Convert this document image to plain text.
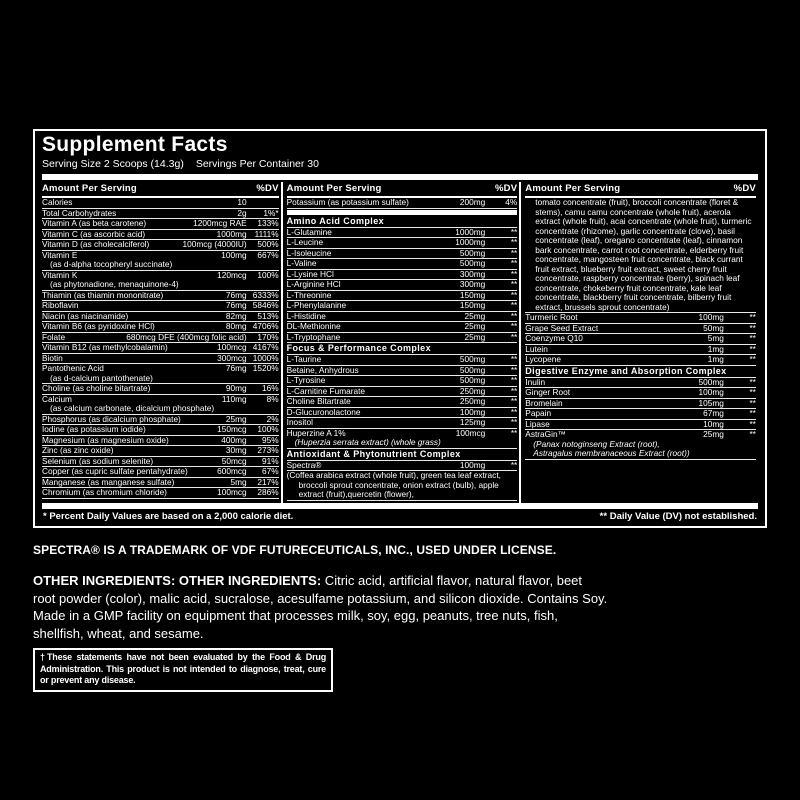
Supplement Facts
Serving Size 2 Scoops (14.3g) Servings Per Container 30
Amount Per Serving	%DV
Calories	10
Total Carbohydrates	2g	1%*
Vitamin A (as beta carotene)	1200mcg RAE	133%
Vitamin C (as ascorbic acid)	1000mg 1111%
Vitamin D (as cholecalciferol)	100mcg (4000IU)	500%
Vitamin E	100mg	667%
(as d-alpha tocopheryl succinate)
Vitamin K	120mcg	100%
(as phytonadione, menaquinone-4)
Thiamin (as thiamin mononitrate)	76mg 6333%
Riboflavin	76mg 5846%
Niacin (as niacinamide)	82mg	513%
Vitamin B6 (as pyridoxine HCl)	80mg 4706%
Folate	680mcg DFE (400mcg folic acid)	170%
Vitamin B12 (as methylcobalamin)	100mcg 4167%
Biotin	300mcg 1000%
Pantothenic Acid	76mg 1520%
(as d-calcium pantothenate)
Choline (as choline bitartrate)	90mg	16%
Calcium	110mg	8%
(as calcium carbonate, dicalcium phosphate)
Phosphorus (as dicalcium phosphate)	25mg	2%
Iodine (as potassium iodide)	150mcg	100%
Magnesium (as magnesium oxide)	400mg	95%
Zinc (as zinc oxide)	30mg	273%
Selenium (as sodium selenite)	50mcg	91%
Copper (as cupric sulfate pentahydrate)	600mcg	67%
Manganese (as manganese sulfate)	5mg	217%
Chromium (as chromium chloride)	100mcg	286%
Amount Per Serving	%DV
Potassium (as potassium sulfate)	200mg	4%
Amino Acid Complex
L-Glutamine	1000mg	**
L-Leucine	1000mg	**
L-Isoleucine	500mg	**
L-Valine	500mg	**
L-Lysine HCl	300mg	**
L-Arginine HCl	300mg	**
L-Threonine	150mg	**
L-Phenylalanine	150mg	**
L-Histidine	25mg	**
DL-Methionine	25mg	**
L-Tryptophane	25mg	**
Focus & Performance Complex
L-Taurine	500mg	**
Betaine, Anhydrous	500mg	**
L-Tyrosine	500mg	**
L-Carnitine Fumarate	250mg	**
Choline Bitartrate	250mg	**
D-Glucuronolactone	100mg	**
Inositol	125mg	**
Huperzine A 1%	100mcg	**
(Huperzia serrata extract) (whole grass)
Antioxidant & Phytonutrient Complex
Spectra®	100mg	**
(Coffea arabica extract (whole fruit), green tea leaf extract, broccoli sprout concentrate, onion extract (bulb), apple extract (fruit),quercetin (flower),
Amount Per Serving	%DV
tomato concentrate (fruit), broccoli concentrate (floret & stems), camu camu concentrate (whole fruit), acerola extract (whole fruit), acai concentrate (whole fruit), turmeric concentrate (rhizome), garlic concentrate (clove), basil concentrate (leaf), oregano concentrate (leaf), cinnamon bark concentrate, carrot root concentrate, elderberry fruit concentrate, mangosteen fruit concentrate, black currant fruit extract, blueberry fruit extract, sweet cherry fruit concentrate, raspberry concentrate (berry), spinach leaf concentrate, chokeberry fruit concentrate, kale leaf concentrate, blackberry fruit concentrate, bilberry fruit extract, brussels sprout concentrate)
Turmeric Root	100mg	**
Grape Seed Extract	50mg	**
Coenzyme Q10	5mg	**
Lutein	1mg	**
Lycopene	1mg	**
Digestive Enzyme and Absorption Complex
Inulin	500mg	**
Ginger Root	100mg	**
Bromelain	105mg	**
Papain	67mg	**
Lipase	10mg	**
AstraGin™	25mg	**
(Panax notoginseng Extract (root),
Astragalus membranaceous Extract (root))
* Percent Daily Values are based on a 2,000 calorie diet.	** Daily Value (DV) not established.
SPECTRA® IS A TRADEMARK OF VDF FUTURECEUTICALS, INC., USED UNDER LICENSE.
OTHER INGREDIENTS: OTHER INGREDIENTS: Citric acid, artificial flavor, natural flavor, beet root powder (color), malic acid, sucralose, acesulfame potassium, and silicon dioxide. Contains Soy. Made in a GMP facility on equipment that processes milk, soy, egg, peanuts, tree nuts, fish, shellfish, wheat, and sesame.
†These statements have not been evaluated by the Food & Drug Administration. This product is not intended to diagnose, treat, cure or prevent any disease.
